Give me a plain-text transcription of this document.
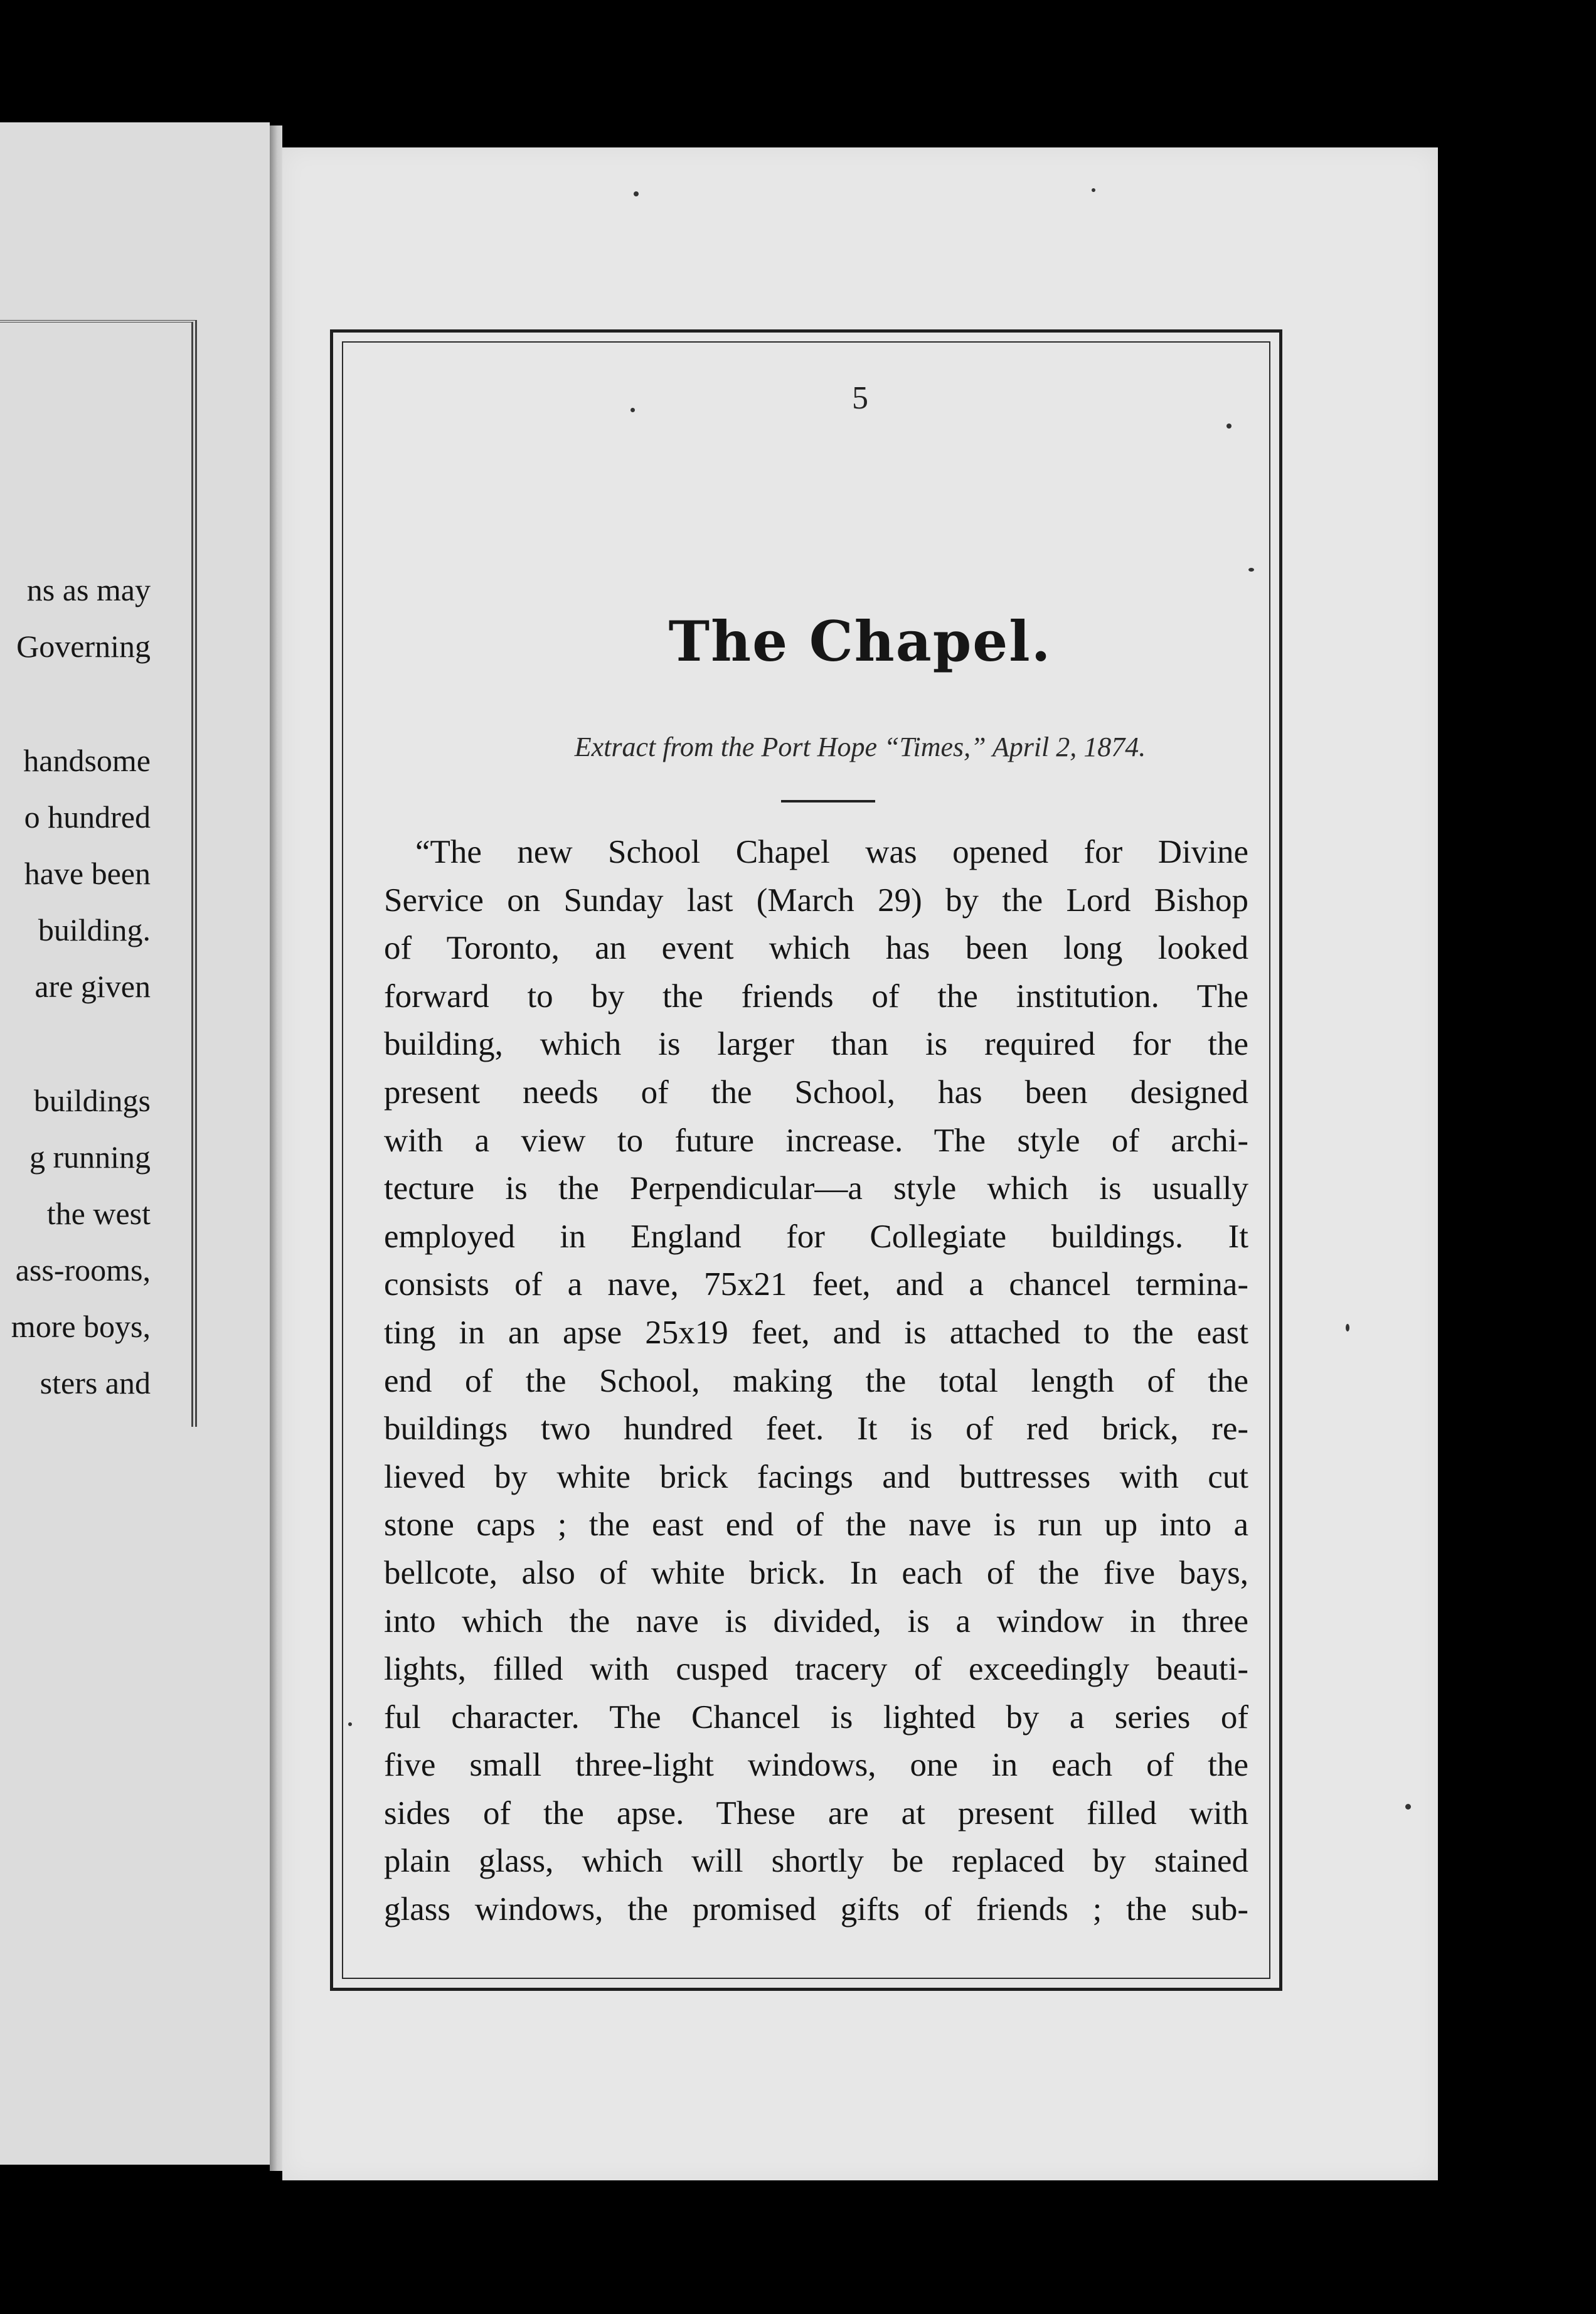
ns as may
Governing
handsome
o hundred
have been
building.
are given
buildings
g running
the west
ass-rooms,
more boys,
sters and
5
The Chapel.
Extract from the Port Hope “Times,” April 2, 1874.
“The new School Chapel was opened for Divine
Service on Sunday last (March 29) by the Lord Bishop
of Toronto, an event which has been long looked
forward to by the friends of the institution. The
building, which is larger than is required for the
present needs of the School, has been designed
with a view to future increase. The style of archi-
tecture is the Perpendicular—a style which is usually
employed in England for Collegiate buildings. It
consists of a nave, 75x21 feet, and a chancel termina-
ting in an apse 25x19 feet, and is attached to the east
end of the School, making the total length of the
buildings two hundred feet. It is of red brick, re-
lieved by white brick facings and buttresses with cut
stone caps ; the east end of the nave is run up into a
bellcote, also of white brick. In each of the five bays,
into which the nave is divided, is a window in three
lights, filled with cusped tracery of exceedingly beauti-
ful character. The Chancel is lighted by a series of
five small three-light windows, one in each of the
sides of the apse. These are at present filled with
plain glass, which will shortly be replaced by stained
glass windows, the promised gifts of friends ; the sub-
